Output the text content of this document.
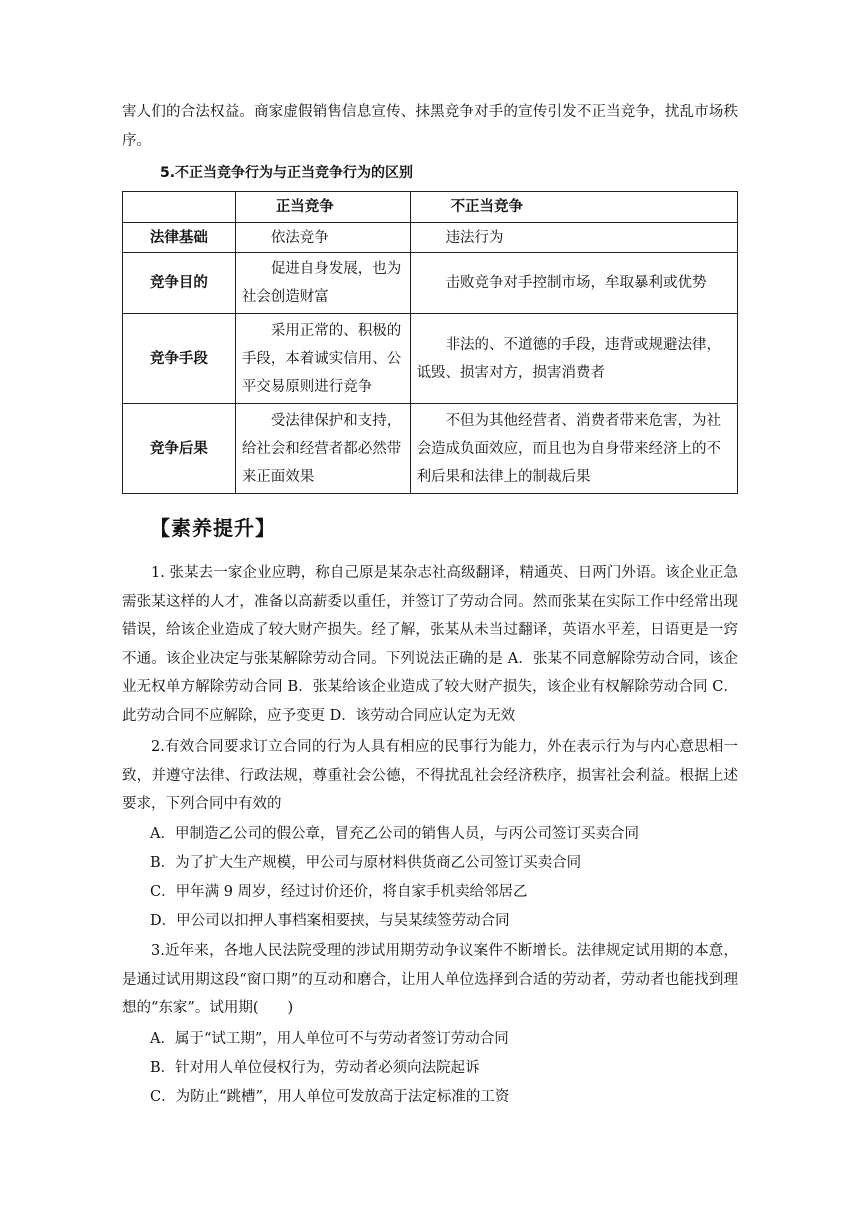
害人们的合法权益。商家虚假销售信息宣传、抹黑竞争对手的宣传引发不正当竞争，扰乱市场秩序。

5.不正当竞争行为与正当竞争行为的区别

	正当竞争	不正当竞争
法律基础	依法竞争	违法行为

竞争目的	促进自身发展，也为社会创造财富	击败竞争对手控制市场，牟取暴利或优势

竞争手段	采用正常的、积极的手段，本着诚实信用、公平交易原则进行竞争	非法的、不道德的手段，违背或规避法律，诋毁、损害对方，损害消费者

竞争后果	受法律保护和支持，给社会和经营者都必然带来正面效果	不但为其他经营者、消费者带来危害，为社会造成负面效应，而且也为自身带来经济上的不利后果和法律上的制裁后果

【素养提升】

1. 张某去一家企业应聘，称自己原是某杂志社高级翻译，精通英、日两门外语。该企业正急需张某这样的人才，准备以高薪委以重任，并签订了劳动合同。然而张某在实际工作中经常出现错误，给该企业造成了较大财产损失。经了解，张某从未当过翻译，英语水平差，日语更是一窍不通。该企业决定与张某解除劳动合同。下列说法正确的是 A．张某不同意解除劳动合同，该企业无权单方解除劳动合同 B．张某给该企业造成了较大财产损失，该企业有权解除劳动合同 C．此劳动合同不应解除，应予变更 D．该劳动合同应认定为无效

2.有效合同要求订立合同的行为人具有相应的民事行为能力，外在表示行为与内心意思相一致，并遵守法律、行政法规，尊重社会公德，不得扰乱社会经济秩序，损害社会利益。根据上述要求，下列合同中有效的

A．甲制造乙公司的假公章，冒充乙公司的销售人员，与丙公司签订买卖合同

B．为了扩大生产规模，甲公司与原材料供货商乙公司签订买卖合同

C．甲年满 9 周岁，经过讨价还价，将自家手机卖给邻居乙

D．甲公司以扣押人事档案相要挟，与吴某续签劳动合同

3.近年来，各地人民法院受理的涉试用期劳动争议案件不断增长。法律规定试用期的本意，是通过试用期这段“窗口期”的互动和磨合，让用人单位选择到合适的劳动者，劳动者也能找到理想的“东家”。试用期(　　)

A．属于“试工期”，用人单位可不与劳动者签订劳动合同

B．针对用人单位侵权行为，劳动者必须向法院起诉

C．为防止“跳槽”，用人单位可发放高于法定标准的工资
